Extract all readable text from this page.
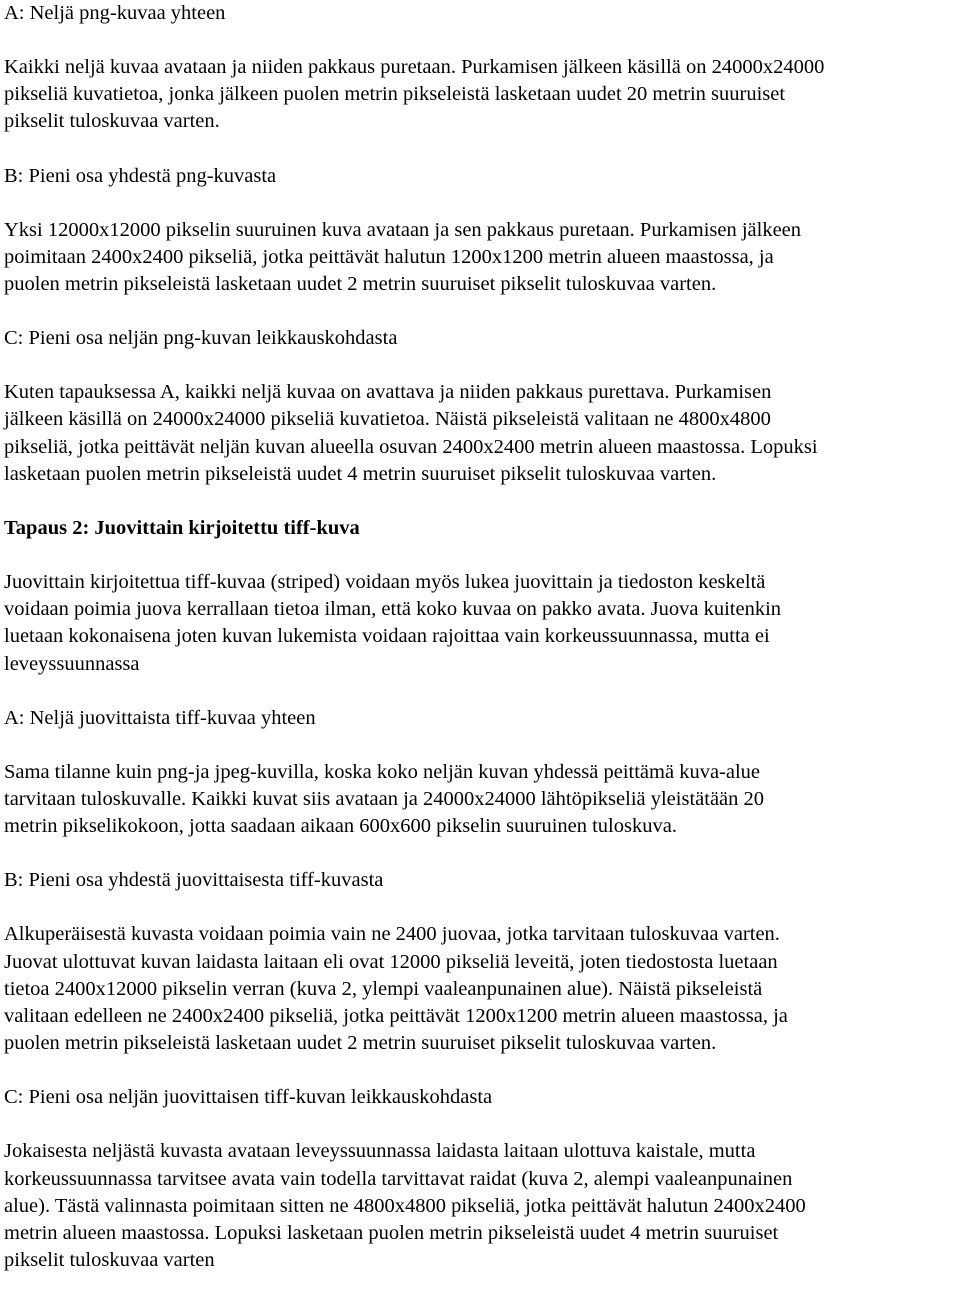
A: Neljä png-kuvaa yhteen

Kaikki neljä kuvaa avataan ja niiden pakkaus puretaan. Purkamisen jälkeen käsillä on 24000x24000
pikseliä kuvatietoa, jonka jälkeen puolen metrin pikseleistä lasketaan uudet 20 metrin suuruiset
pikselit tuloskuvaa varten.

B: Pieni osa yhdestä png-kuvasta

Yksi 12000x12000 pikselin suuruinen kuva avataan ja sen pakkaus puretaan. Purkamisen jälkeen
poimitaan 2400x2400 pikseliä, jotka peittävät halutun 1200x1200 metrin alueen maastossa, ja
puolen metrin pikseleistä lasketaan uudet 2 metrin suuruiset pikselit tuloskuvaa varten.

C: Pieni osa neljän png-kuvan leikkauskohdasta

Kuten tapauksessa A, kaikki neljä kuvaa on avattava ja niiden pakkaus purettava. Purkamisen
jälkeen käsillä on 24000x24000 pikseliä kuvatietoa. Näistä pikseleistä valitaan ne 4800x4800
pikseliä, jotka peittävät neljän kuvan alueella osuvan 2400x2400 metrin alueen maastossa. Lopuksi
lasketaan puolen metrin pikseleistä uudet 4 metrin suuruiset pikselit tuloskuvaa varten.

Tapaus 2: Juovittain kirjoitettu tiff-kuva

Juovittain kirjoitettua tiff-kuvaa (striped) voidaan myös lukea juovittain ja tiedoston keskeltä
voidaan poimia juova kerrallaan tietoa ilman, että koko kuvaa on pakko avata. Juova kuitenkin
luetaan kokonaisena joten kuvan lukemista voidaan rajoittaa vain korkeussuunnassa, mutta ei
leveyssuunnassa

A: Neljä juovittaista tiff-kuvaa yhteen

Sama tilanne kuin png-ja jpeg-kuvilla, koska koko neljän kuvan yhdessä peittämä kuva-alue
tarvitaan tuloskuvalle. Kaikki kuvat siis avataan ja 24000x24000 lähtöpikseliä yleistätään 20
metrin pikselikokoon, jotta saadaan aikaan 600x600 pikselin suuruinen tuloskuva.

B: Pieni osa yhdestä juovittaisesta tiff-kuvasta

Alkuperäisestä kuvasta voidaan poimia vain ne 2400 juovaa, jotka tarvitaan tuloskuvaa varten.
Juovat ulottuvat kuvan laidasta laitaan eli ovat 12000 pikseliä leveitä, joten tiedostosta luetaan
tietoa 2400x12000 pikselin verran (kuva 2, ylempi vaaleanpunainen alue). Näistä pikseleistä
valitaan edelleen ne 2400x2400 pikseliä, jotka peittävät 1200x1200 metrin alueen maastossa, ja
puolen metrin pikseleistä lasketaan uudet 2 metrin suuruiset pikselit tuloskuvaa varten.

C: Pieni osa neljän juovittaisen tiff-kuvan leikkauskohdasta

Jokaisesta neljästä kuvasta avataan leveyssuunnassa laidasta laitaan ulottuva kaistale, mutta
korkeussuunnassa tarvitsee avata vain todella tarvittavat raidat (kuva 2, alempi vaaleanpunainen
alue). Tästä valinnasta poimitaan sitten ne 4800x4800 pikseliä, jotka peittävät halutun 2400x2400
metrin alueen maastossa. Lopuksi lasketaan puolen metrin pikseleistä uudet 4 metrin suuruiset
pikselit tuloskuvaa varten
